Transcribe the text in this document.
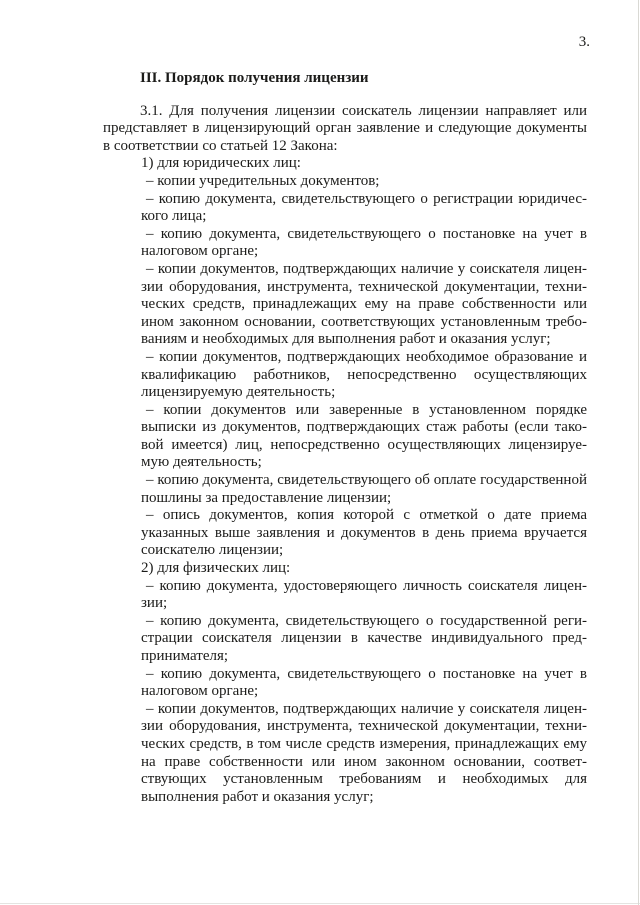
3.
III. Порядок получения лицензии

3.1. Для получения лицензии соискатель лицензии направляет или представляет в лицензирующий орган заявление и следующие документы в соответствии со статьей 12 Закона:

1) для юридических лиц:
– копии учредительных документов;
– копию документа, свидетельствующего о регистрации юридического лица;
– копию документа, свидетельствующего о постановке на учет в налоговом органе;
– копии документов, подтверждающих наличие у соискателя лицензии оборудования, инструмента, технической документации, технических средств, принадлежащих ему на праве собственности или ином законном основании, соответствующих установленным требованиям и необходимых для выполнения работ и оказания услуг;
– копии документов, подтверждающих необходимое образование и квалификацию работников, непосредственно осуществляющих лицензируемую деятельность;
– копии документов или заверенные в установленном порядке выписки из документов, подтверждающих стаж работы (если таковой имеется) лиц, непосредственно осуществляющих лицензируемую деятельность;
– копию документа, свидетельствующего об оплате государственной пошлины за предоставление лицензии;
– опись документов, копия которой с отметкой о дате приема указанных выше заявления и документов в день приема вручается соискателю лицензии;
2) для физических лиц:
– копию документа, удостоверяющего личность соискателя лицензии;
– копию документа, свидетельствующего о государственной регистрации соискателя лицензии в качестве индивидуального предпринимателя;
– копию документа, свидетельствующего о постановке на учет в налоговом органе;
– копии документов, подтверждающих наличие у соискателя лицензии оборудования, инструмента, технической документации, технических средств, в том числе средств измерения, принадлежащих ему на праве собственности или ином законном основании, соответствующих установленным требованиям и необходимых для выполнения работ и оказания услуг;
